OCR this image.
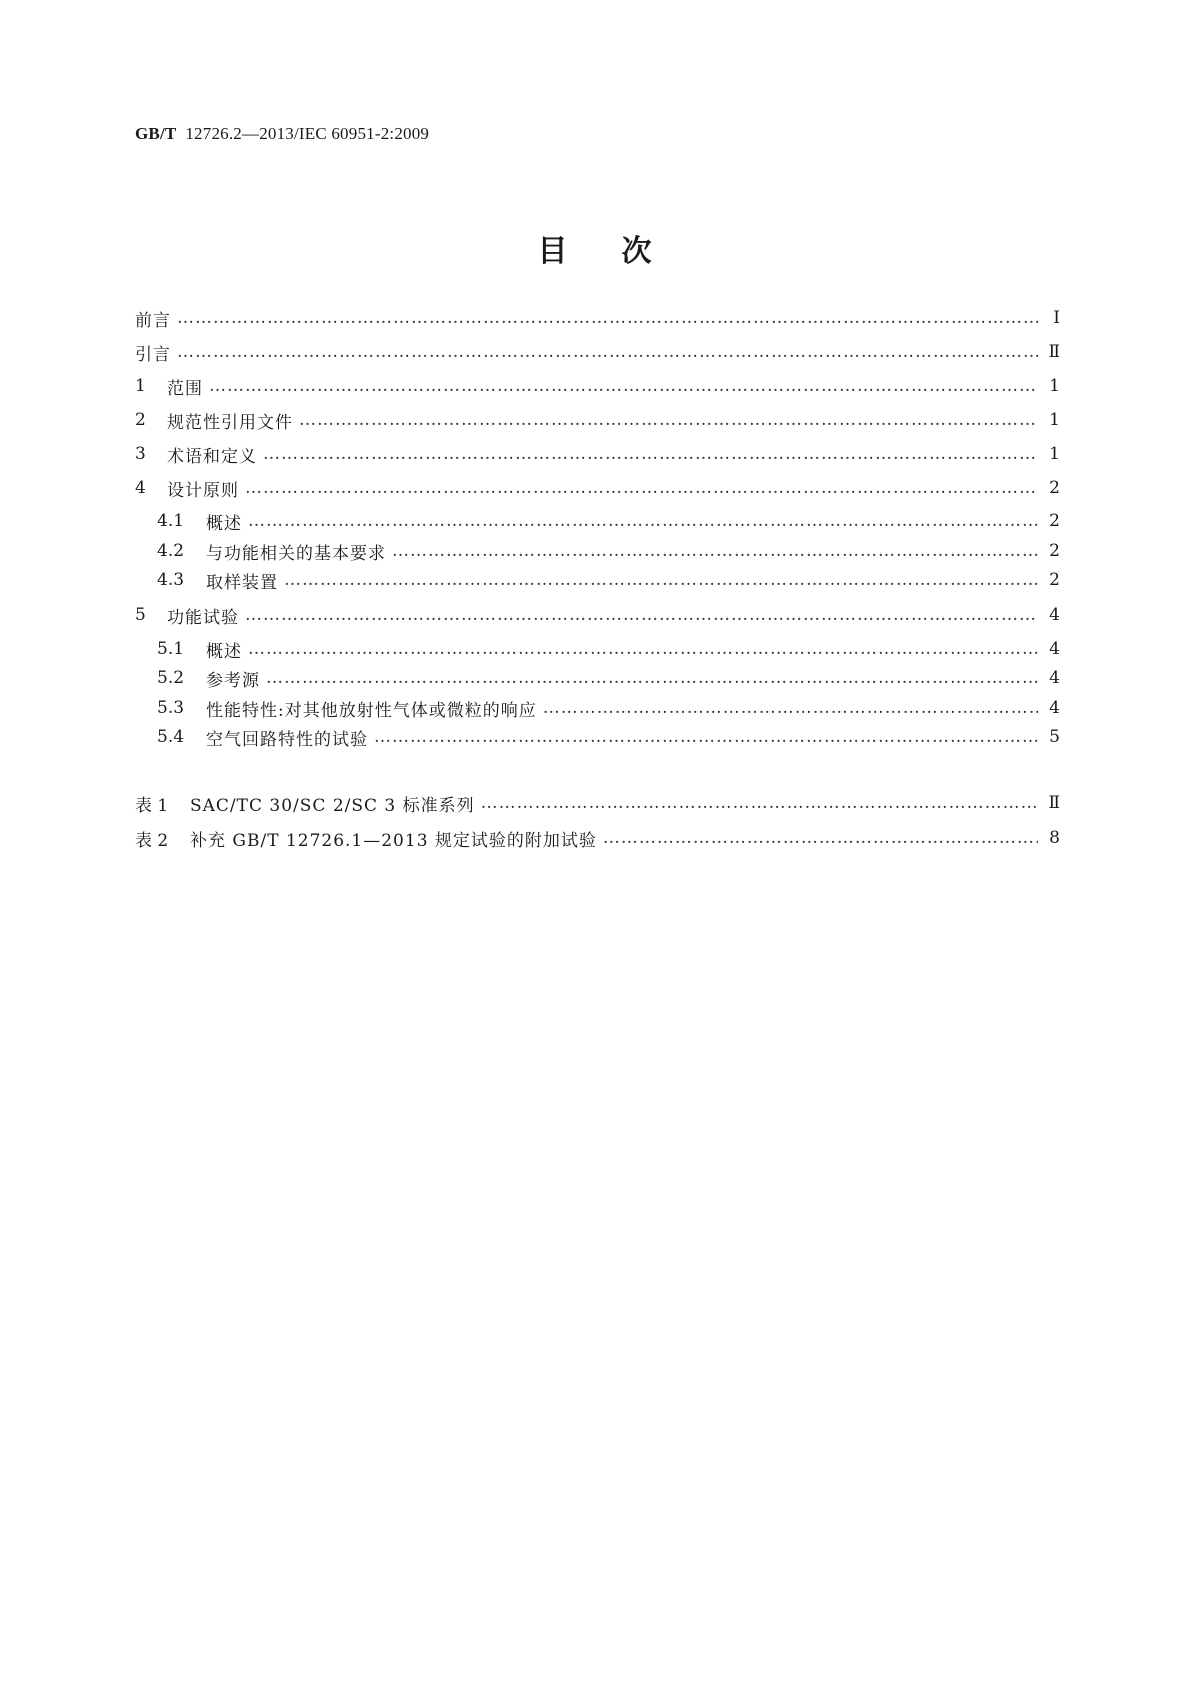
GB/T 12726.2—2013/IEC 60951-2:2009
目 次
前言 …………………………………………………………………………………………………………………………………………………………………………………………………………………………	Ⅰ
引言 …………………………………………………………………………………………………………………………………………………………………………………………………………………………	Ⅱ
1	范围 …………………………………………………………………………………………………………………………………………………………………………………………………………………………	1
2	规范性引用文件 …………………………………………………………………………………………………………………………………………………………………………………………………………………………	1
3	术语和定义 …………………………………………………………………………………………………………………………………………………………………………………………………………………………	1
4	设计原则 …………………………………………………………………………………………………………………………………………………………………………………………………………………………	2
4.1	概述 …………………………………………………………………………………………………………………………………………………………………………………………………………………………	2
4.2	与功能相关的基本要求 …………………………………………………………………………………………………………………………………………………………………………………………………………………………	2
4.3	取样装置 …………………………………………………………………………………………………………………………………………………………………………………………………………………………	2
5	功能试验 …………………………………………………………………………………………………………………………………………………………………………………………………………………………	4
5.1	概述 …………………………………………………………………………………………………………………………………………………………………………………………………………………………	4
5.2	参考源 …………………………………………………………………………………………………………………………………………………………………………………………………………………………	4
5.3	性能特性:对其他放射性气体或微粒的响应 …………………………………………………………………………………………………………………………………………………………………………………………………………………………	4
5.4	空气回路特性的试验 …………………………………………………………………………………………………………………………………………………………………………………………………………………………	5
表 1	SAC/TC 30/SC 2/SC 3 标准系列 …………………………………………………………………………………………………………………………………………………………………………………………………………………………	Ⅱ
表 2	补充 GB/T 12726.1—2013 规定试验的附加试验 …………………………………………………………………………………………………………………………………………………………………………………………………………………………	8
